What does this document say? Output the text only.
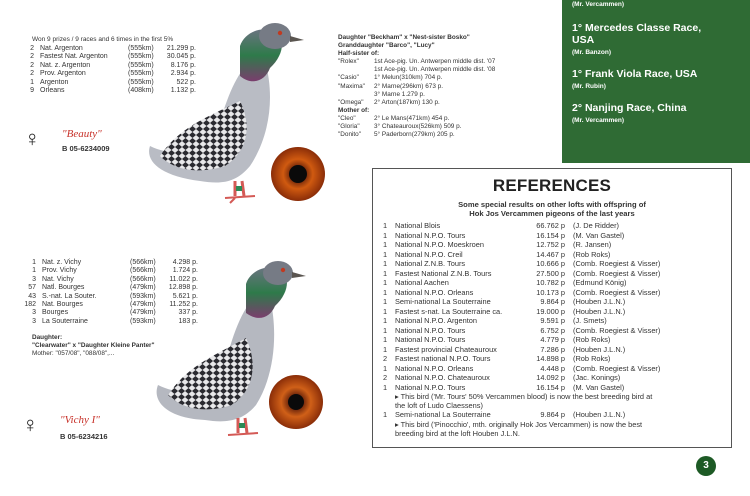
Won 9 prizes / 9 races and 6 times in the first 5%
2 Nat. Argenton	(555km)	21.299 p.
2 Fastest Nat. Argenton	(555km)	30.045 p.
2 Nat. z. Argenton	(555km)	8.176 p.
2 Prov. Argenton	(555km)	2.934 p.
1 Argenton	(555km)	522 p.
9 Orleans	(408km)	1.132 p.
"Beauty"
B 05-6234009
♀
Daughter "Beckham" x "Nest-sister Bosko"
Granddaughter "Barco", "Lucy"
Half-sister of:
"Rolex"	1st Ace-pig. Un. Antwerpen middle dist. '07
1st Ace-pig. Un. Antwerpen middle dist. '08
"Casio"	1° Melun(310km) 704 p.
"Maxima"	2° Marne(296km) 673 p.
3° Marne 1.279 p.
"Omega"	2° Arton(187km) 130 p.
Mother of:
"Cleo"	2° Le Mans(471km) 454 p.
"Gloria"	3° Chateauroux(526km) 509 p.
"Donito"	5° Paderborn(279km) 205 p.
(Mr. Vercammen)
1° Mercedes Classe Race, USA
(Mr. Banzon)
1° Frank Viola Race, USA
(Mr. Rubin)
2° Nanjing Race, China
(Mr. Vercammen)
REFERENCES
Some special results on other lofts with offspring of
Hok Jos Vercammen pigeons of the last years
1	National Blois	66.762 p	(J. De Ridder)
1	National N.P.O. Tours	16.154 p	(M. Van Gastel)
1	National N.P.O. Moeskroen	12.752 p	(R. Jansen)
1	National N.P.O. Creil	14.467 p	(Rob Roks)
1	National Z.N.B. Tours	10.666 p	(Comb. Roegiest & Visser)
1	Fastest National Z.N.B. Tours	27.500 p	(Comb. Roegiest & Visser)
1	National Aachen	10.782 p	(Edmund König)
1	National N.P.O. Orleans	10.173 p	(Comb. Roegiest & Visser)
1	Semi-national La Souterraine	9.864 p	(Houben J.L.N.)
1	Fastest s-nat. La Souterraine ca.	19.000 p	(Houben J.L.N.)
1	National N.P.O. Argenton	9.591 p	(J. Smets)
1	National N.P.O. Tours	6.752 p	(Comb. Roegiest & Visser)
1	National N.P.O. Tours	4.779 p	(Rob Roks)
1	Fastest provincial Chateauroux	7.286 p	(Houben J.L.N.)
2	Fastest national N.P.O. Tours	14.898 p	(Rob Roks)
1	National N.P.O. Orleans	4.448 p	(Comb. Roegiest & Visser)
2	National N.P.O. Chateauroux	14.092 p	(Jac. Konings)
1	National N.P.O. Tours	16.154 p	(M. Van Gastel)
▸ This bird ('Mr. Tours' 50% Vercammen blood) is now the best breeding bird at
the loft of Ludo Claessens)
1	Semi-national La Souterraine	9.864 p	(Houben J.L.N.)
▸ This bird ('Pinocchio', mth. originally Hok Jos Vercammen) is now the best
breeding bird at the loft Houben J.L.N.
1 Nat. z. Vichy	(566km)	4.298 p.
1 Prov. Vichy	(566km)	1.724 p.
3 Nat. Vichy	(566km)	11.022 p.
57 Natl. Bourges	(479km)	12.898 p.
43 S.-nat. La Souter.	(593km)	5.621 p.
182 Nat. Bourges	(479km)	11.252 p.
3 Bourges	(479km)	337 p.
3 La Souterraine	(593km)	183 p.
Daughter:
"Clearwater" x "Daughter Kleine Panter"
Mother: "057/08", "088/08",...
"Vichy I"
B 05-6234216
♀
3
